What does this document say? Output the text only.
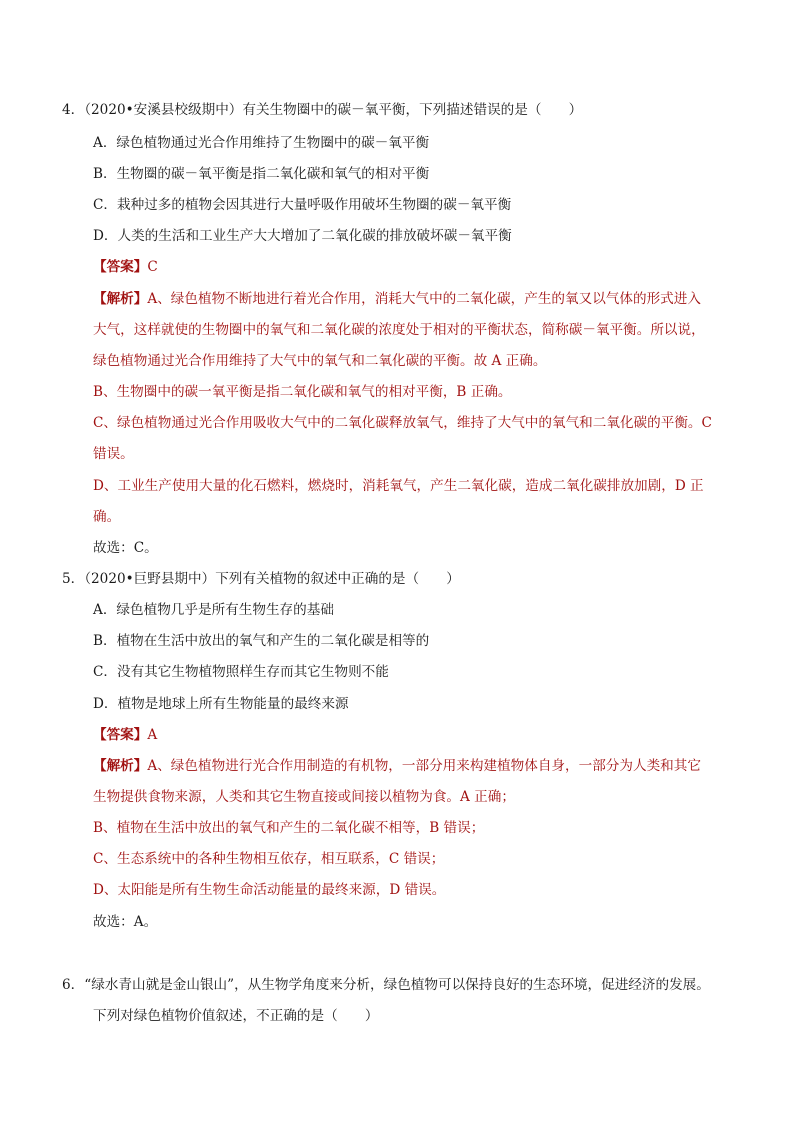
4．（2020•安溪县校级期中）有关生物圈中的碳－氧平衡，下列描述错误的是（　　）
A．绿色植物通过光合作用维持了生物圈中的碳－氧平衡
B．生物圈的碳－氧平衡是指二氧化碳和氧气的相对平衡
C．栽种过多的植物会因其进行大量呼吸作用破坏生物圈的碳－氧平衡
D．人类的生活和工业生产大大增加了二氧化碳的排放破坏碳－氧平衡
【答案】C
【解析】A、绿色植物不断地进行着光合作用，消耗大气中的二氧化碳，产生的氧又以气体的形式进入
大气，这样就使的生物圈中的氧气和二氧化碳的浓度处于相对的平衡状态，简称碳－氧平衡。所以说，
绿色植物通过光合作用维持了大气中的氧气和二氧化碳的平衡。故 A 正确。
B、生物圈中的碳一氧平衡是指二氧化碳和氧气的相对平衡，B 正确。
C、绿色植物通过光合作用吸收大气中的二氧化碳释放氧气，维持了大气中的氧气和二氧化碳的平衡。C
错误。
D、工业生产使用大量的化石燃料，燃烧时，消耗氧气，产生二氧化碳，造成二氧化碳排放加剧，D 正
确。
故选：C。
5．（2020•巨野县期中）下列有关植物的叙述中正确的是（　　）
A．绿色植物几乎是所有生物生存的基础
B．植物在生活中放出的氧气和产生的二氧化碳是相等的
C．没有其它生物植物照样生存而其它生物则不能
D．植物是地球上所有生物能量的最终来源
【答案】A
【解析】A、绿色植物进行光合作用制造的有机物，一部分用来构建植物体自身，一部分为人类和其它
生物提供食物来源，人类和其它生物直接或间接以植物为食。A 正确；
B、植物在生活中放出的氧气和产生的二氧化碳不相等，B 错误；
C、生态系统中的各种生物相互依存，相互联系，C 错误；
D、太阳能是所有生物生命活动能量的最终来源，D 错误。
故选：A。
6．“绿水青山就是金山银山”，从生物学角度来分析，绿色植物可以保持良好的生态环境，促进经济的发展。
下列对绿色植物价值叙述，不正确的是（　　）
